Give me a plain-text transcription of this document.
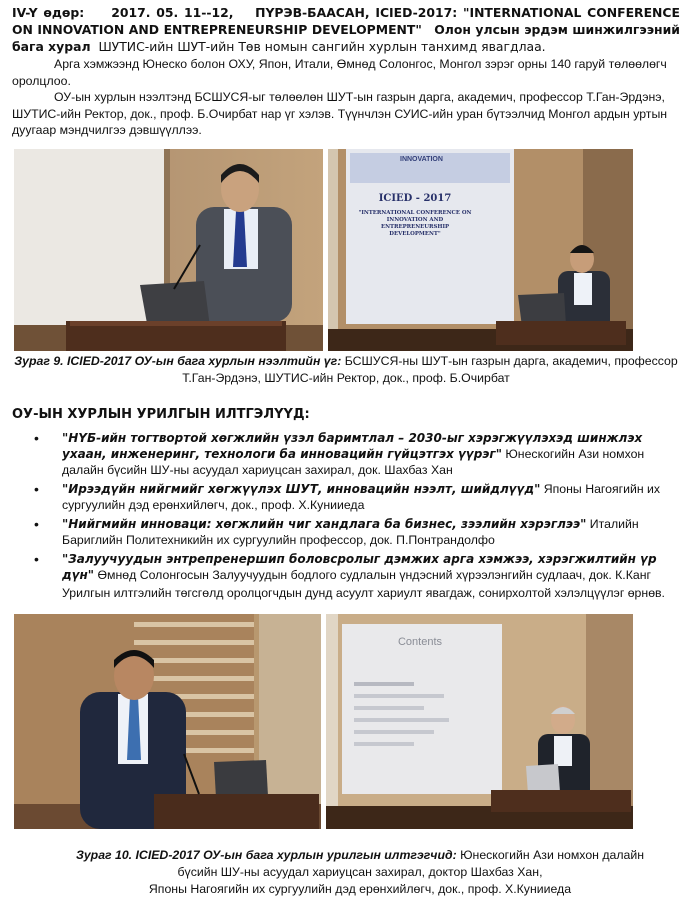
IV-Y өдөр: 2017. 05. 11--12, ПҮРЭВ-БААСАН, ICIED-2017: "INTERNATIONAL CONFERENCE ON INNOVATION AND ENTREPRENEURSHIP DEVELOPMENT" Олон улсын эрдэм шинжилгээний бага хурал ШУТИС-ийн ШУТ-ийн Төв номын сангийн хурлын танхимд явагдлаа.
Арга хэмжээнд Юнеско болон ОХУ, Япон, Итали, Өмнөд Солонгос, Монгол зэрэг орны 140 гаруй төлөөлөгч оролцлоо.
ОУ-ын хурлын нээлтэнд БСШУСЯ-ыг төлөөлөн ШУТ-ын газрын дарга, академич, профессор Т.Ган-Эрдэнэ, ШУТИС-ийн Ректор, док., проф. Б.Очирбат нар үг хэлэв. Түүнчлэн СУИС-ийн уран бүтээлчид Монгол ардын уртын дуугаар мэндчилгээ дэвшүүллээ.
INNOVATION
ICIED - 2017
"INTERNATIONAL CONFERENCE ON INNOVATION AND ENTREPRENEURSHIP DEVELOPMENT"
Зураг 9. ICIED-2017 ОУ-ын бага хурлын нээлтийн үг: БСШУСЯ-ны ШУТ-ын газрын дарга, академич, профессор Т.Ган-Эрдэнэ, ШУТИС-ийн Ректор, док., проф. Б.Очирбат
ОУ-ЫН ХУРЛЫН УРИЛГЫН ИЛТГЭЛҮҮД:
• "НҮБ-ийн тогтвортой хөгжлийн үзэл баримтлал – 2030-ыг хэрэгжүүлэхэд шинжлэх ухаан, инженеринг, технологи ба инновацийн гүйцэтгэх үүрэг" Юнескогийн Ази номхон далайн бүсийн ШУ-ны асуудал хариуцсан захирал, док. Шахбаз Хан
• "Ирээдүйн нийгмийг хөгжүүлэх ШУТ, инновацийн нээлт, шийдлүүд" Японы Нагоягийн их сургуулийн дэд ерөнхийлөгч, док., проф. Х.Кунииеда
• "Нийгмийн инноваци: хөгжлийн чиг хандлага ба бизнес, зээлийн хэрэглээ" Италийн Бариглийн Политехникийн их сургуулийн профессор, док. П.Понтрандолфо
• "Залуучуудын энтрепренершип боловсролыг дэмжих арга хэмжээ, хэрэгжилтийн үр дүн" Өмнөд Солонгосын Залуучуудын бодлого судлалын үндэсний хүрээлэнгийн судлаач, док. К.Канг
Урилгын илтгэлийн төгсгөлд оролцогчдын дунд асуулт хариулт явагдаж, сонирхолтой хэлэлцүүлэг өрнөв.
Contents
Зураг 10. ICIED-2017 ОУ-ын бага хурлын урилгын илтгэгчид: Юнескогийн Ази номхон далайн
бүсийн ШУ-ны асуудал хариуцсан захирал, доктор Шахбаз Хан,
Японы Нагоягийн их сургуулийн дэд ерөнхийлөгч, док., проф. Х.Кунииеда
